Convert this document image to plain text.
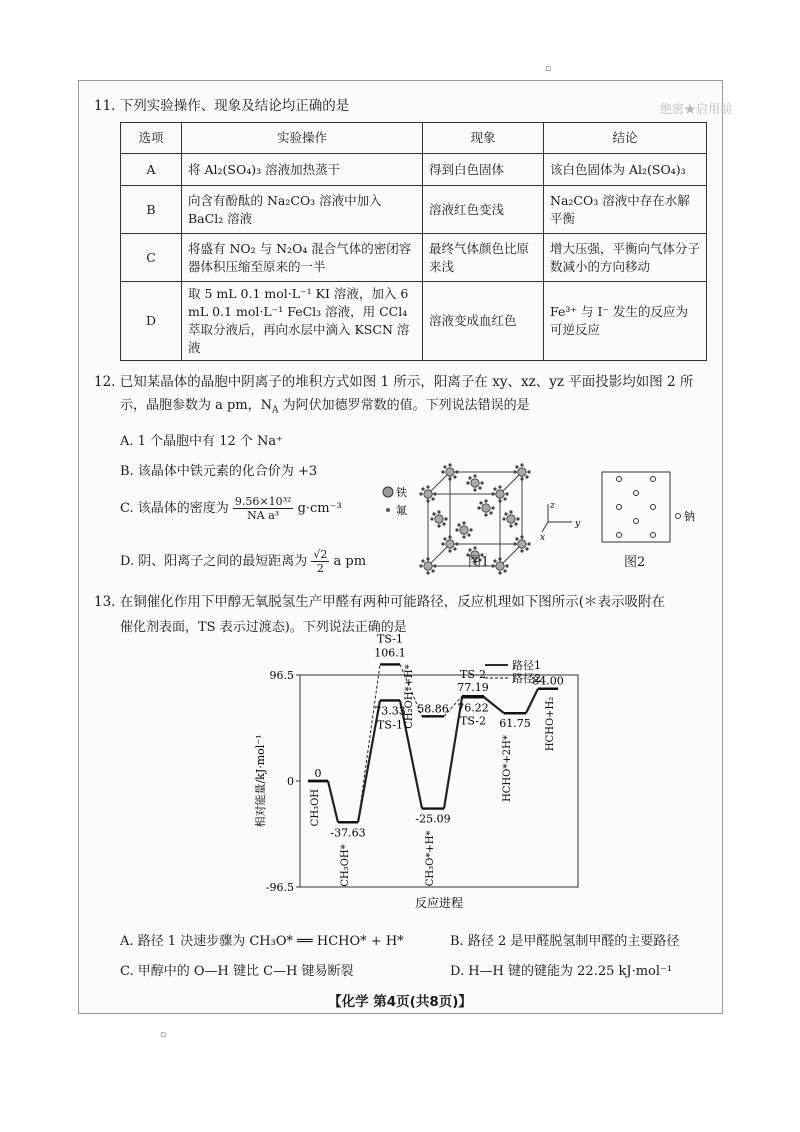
▫
绝密★启用前
11. 下列实验操作、现象及结论均正确的是
选项	实验操作	现象	结论
A	将 Al₂(SO₄)₃ 溶液加热蒸干	得到白色固体	该白色固体为 Al₂(SO₄)₃
B	向含有酚酞的 Na₂CO₃ 溶液中加入 BaCl₂ 溶液	溶液红色变浅	Na₂CO₃ 溶液中存在水解平衡
C	将盛有 NO₂ 与 N₂O₄ 混合气体的密闭容器体积压缩至原来的一半	最终气体颜色比原来浅	增大压强，平衡向气体分子数减小的方向移动
D	取 5 mL 0.1 mol·L⁻¹ KI 溶液，加入 6 mL 0.1 mol·L⁻¹ FeCl₃ 溶液，用 CCl₄ 萃取分液后，再向水层中滴入 KSCN 溶液	溶液变成血红色	Fe³⁺ 与 I⁻ 发生的反应为可逆反应
12. 已知某晶体的晶胞中阴离子的堆积方式如图 1 所示，阳离子在 xy、xz、yz 平面投影均如图 2 所
示，晶胞参数为 a pm，$N_A$ 为阿伏加德罗常数的值。下列说法错误的是
A. 1 个晶胞中有 12 个 Na⁺
B. 该晶体中铁元素的化合价为 +3
C. 该晶体的密度为 $\frac{\text{9.56×10³²}}{\text{NA a³}} g\cdot cm^{-3}$
D. 阴、阳离子之间的最短距离为 $\frac{√2}{2}$ a pm
铁
氟	z
y
x
图1
钠
图2
13. 在铜催化作用下甲醇无氧脱氢生产甲醛有两种可能路径，反应机理如下图所示(＊表示吸附在
催化剂表面，TS 表示过渡态)。下列说法正确的是
96.5
0
-96.5
相对能量/kJ·mol⁻¹
反应进程
0
-37.63
73.33
TS-1
TS-1
106.1
58.86
-25.09
TS-2
77.19
76.22
TS-2 61.75
84.00
CH₃OH
CH₃OH*
CH₂OH*+H*
CH₃O*+H*
HCHO*+2H*
HCHO+H₂
路径1
路径2
A. 路径 1 决速步骤为 CH₃O* ══ HCHO* + H*	B. 路径 2 是甲醛脱氢制甲醛的主要路径
C. 甲醇中的 O—H 键比 C—H 键易断裂	D. H—H 键的键能为 22.25 kJ·mol⁻¹
【化学 第4页(共8页)】
▫
